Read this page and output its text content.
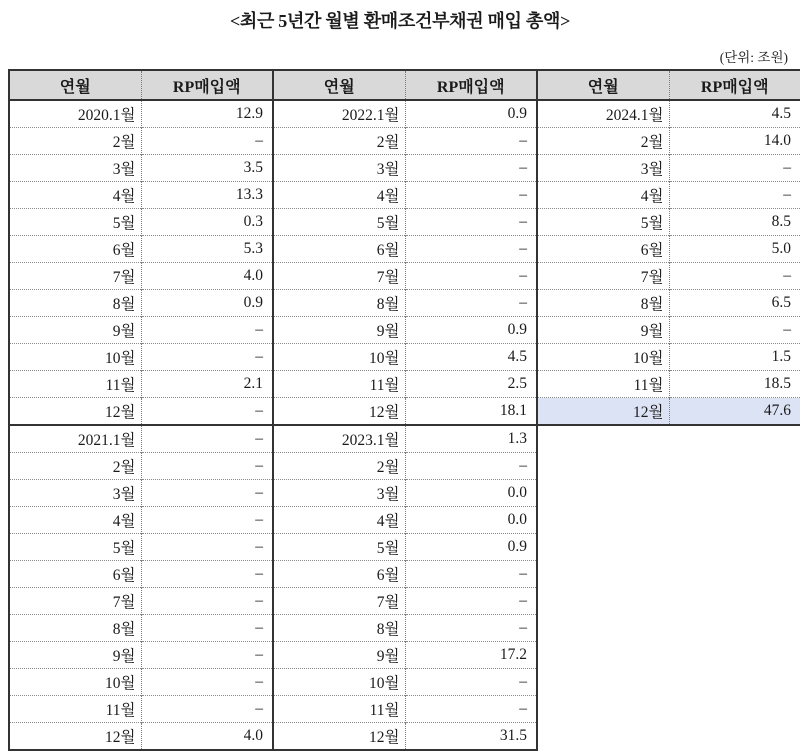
<최근 5년간 월별 환매조건부채권 매입 총액>
(단위: 조원)
연월	RP매입액
2020.1월	12.9
2월	–
3월	3.5
4월	13.3
5월	0.3
6월	5.3
7월	4.0
8월	0.9
9월	–
10월	–
11월	2.1
12월	–
2021.1월	–
2월	–
3월	–
4월	–
5월	–
6월	–
7월	–
8월	–
9월	–
10월	–
11월	–
12월	4.0
연월	RP매입액
2022.1월	0.9
2월	–
3월	–
4월	–
5월	–
6월	–
7월	–
8월	–
9월	0.9
10월	4.5
11월	2.5
12월	18.1
2023.1월	1.3
2월	–
3월	0.0
4월	0.0
5월	0.9
6월	–
7월	–
8월	–
9월	17.2
10월	–
11월	–
12월	31.5
연월	RP매입액
2024.1월	4.5
2월	14.0
3월	–
4월	–
5월	8.5
6월	5.0
7월	–
8월	6.5
9월	–
10월	1.5
11월	18.5
12월	47.6
